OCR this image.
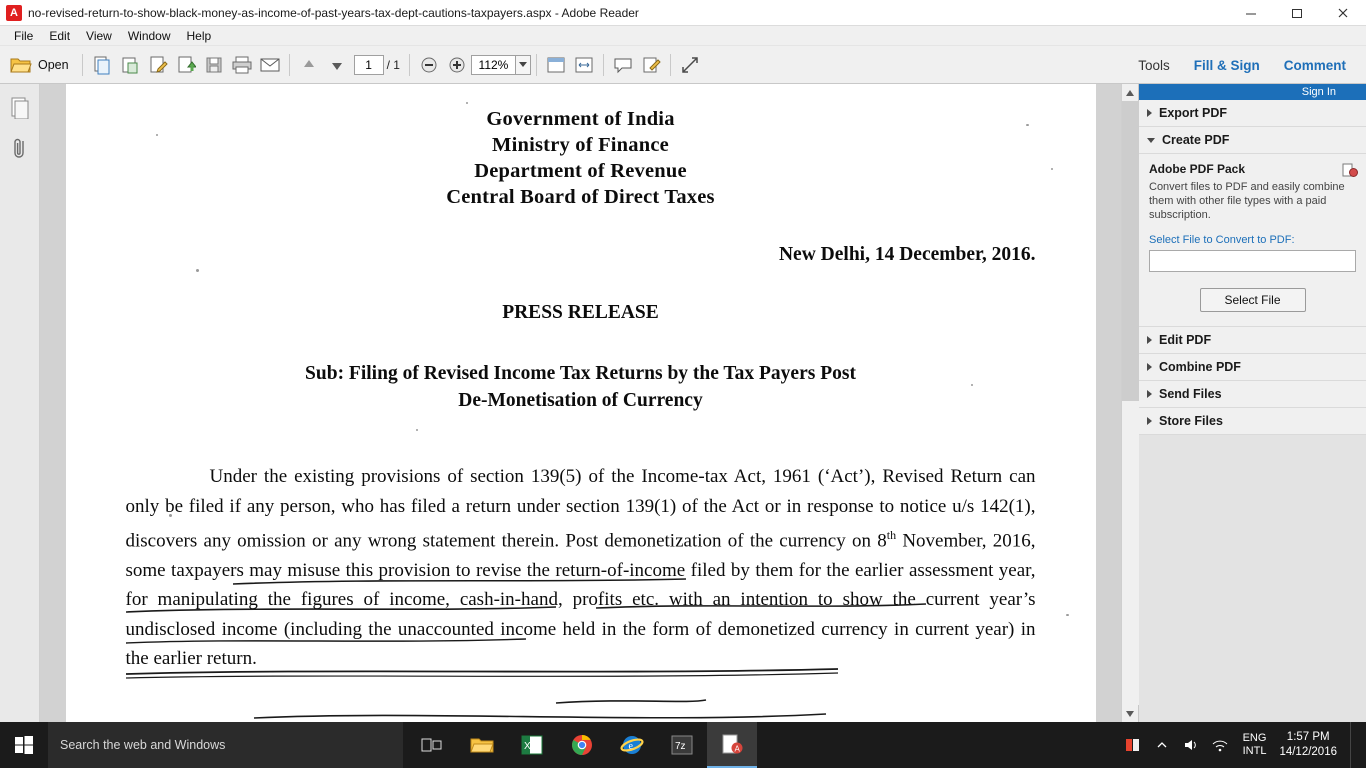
A
no-revised-return-to-show-black-money-as-income-of-past-years-tax-dept-cautions-taxpayers.aspx - Adobe Reader
File	Edit	View	Window	Help
Open
1	/ 1
112%	Tools	Fill & Sign	Comment
Government of India
Ministry of Finance
Department of Revenue
Central Board of Direct Taxes
New Delhi, 14 December, 2016.
PRESS RELEASE
Sub: Filing of Revised Income Tax Returns by the Tax Payers Post
De-Monetisation of Currency
Under the existing provisions of section 139(5) of the Income-tax Act, 1961 (‘Act’), Revised Return can only be filed if any person, who has filed a return under section 139(1) of the Act or in response to notice u/s 142(1), discovers any omission or any wrong statement therein. Post demonetization of the currency on 8th November, 2016, some taxpayers may misuse this provision to revise the return-of-income filed by them for the earlier assessment year, for manipulating the figures of income, cash-in-hand, profits etc. with an intention to show the current year’s undisclosed income (including the unaccounted income held in the form of demonetized currency in current year) in the earlier return.
Sign In
Export PDF
Create PDF
Adobe PDF Pack
Convert files to PDF and easily combine them with other file types with a paid subscription.
Select File to Convert to PDF:
Select File
Edit PDF
Combine PDF
Send Files
Store Files
Search the web and Windows	X	e	7z	A
ENG
INTL
1:57 PM
14/12/2016
